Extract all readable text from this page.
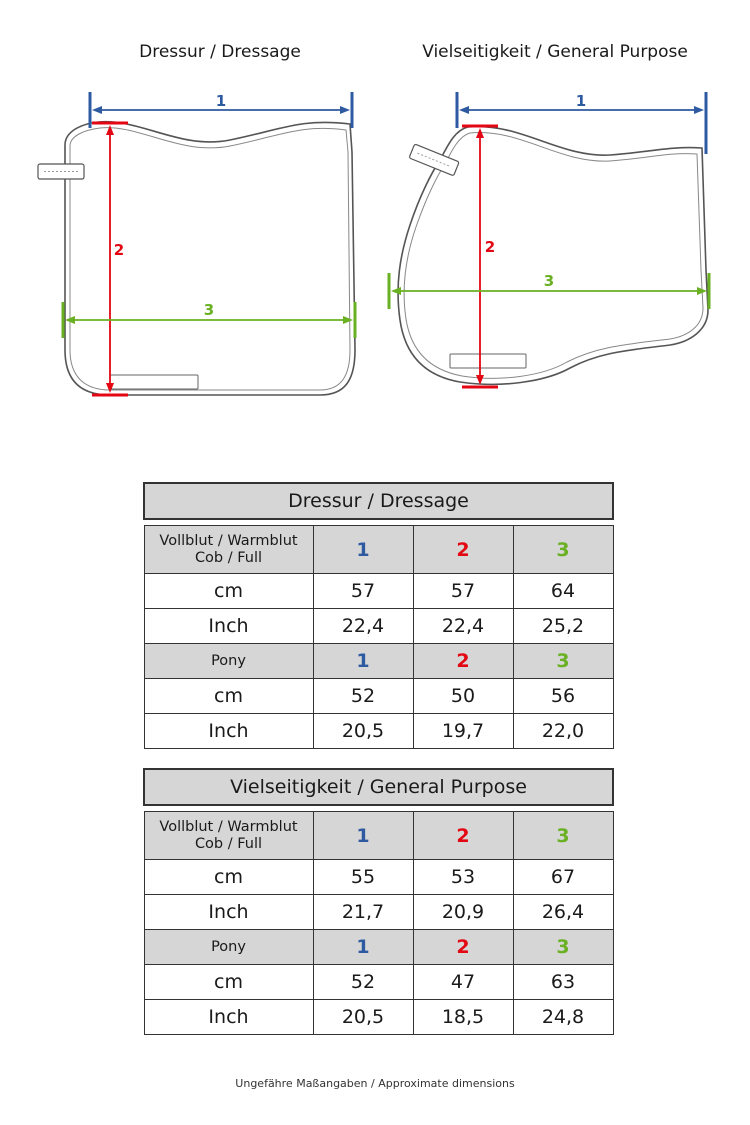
Dressur / Dressage	Vielseitigkeit / General Purpose
1
2
3
1
2
3
Dressur / Dressage			

Vollblut / Warmblut
Cob / Full	1	2	3
cm	57	57	64
Inch	22,4	22,4	25,2
Pony	1	2	3
cm	52	50	56
Inch	20,5	19,7	22,0
Vielseitigkeit / General Purpose			

Vollblut / Warmblut
Cob / Full	1	2	3
cm	55	53	67
Inch	21,7	20,9	26,4
Pony	1	2	3
cm	52	47	63
Inch	20,5	18,5	24,8
Ungefähre Maßangaben / Approximate dimensions
